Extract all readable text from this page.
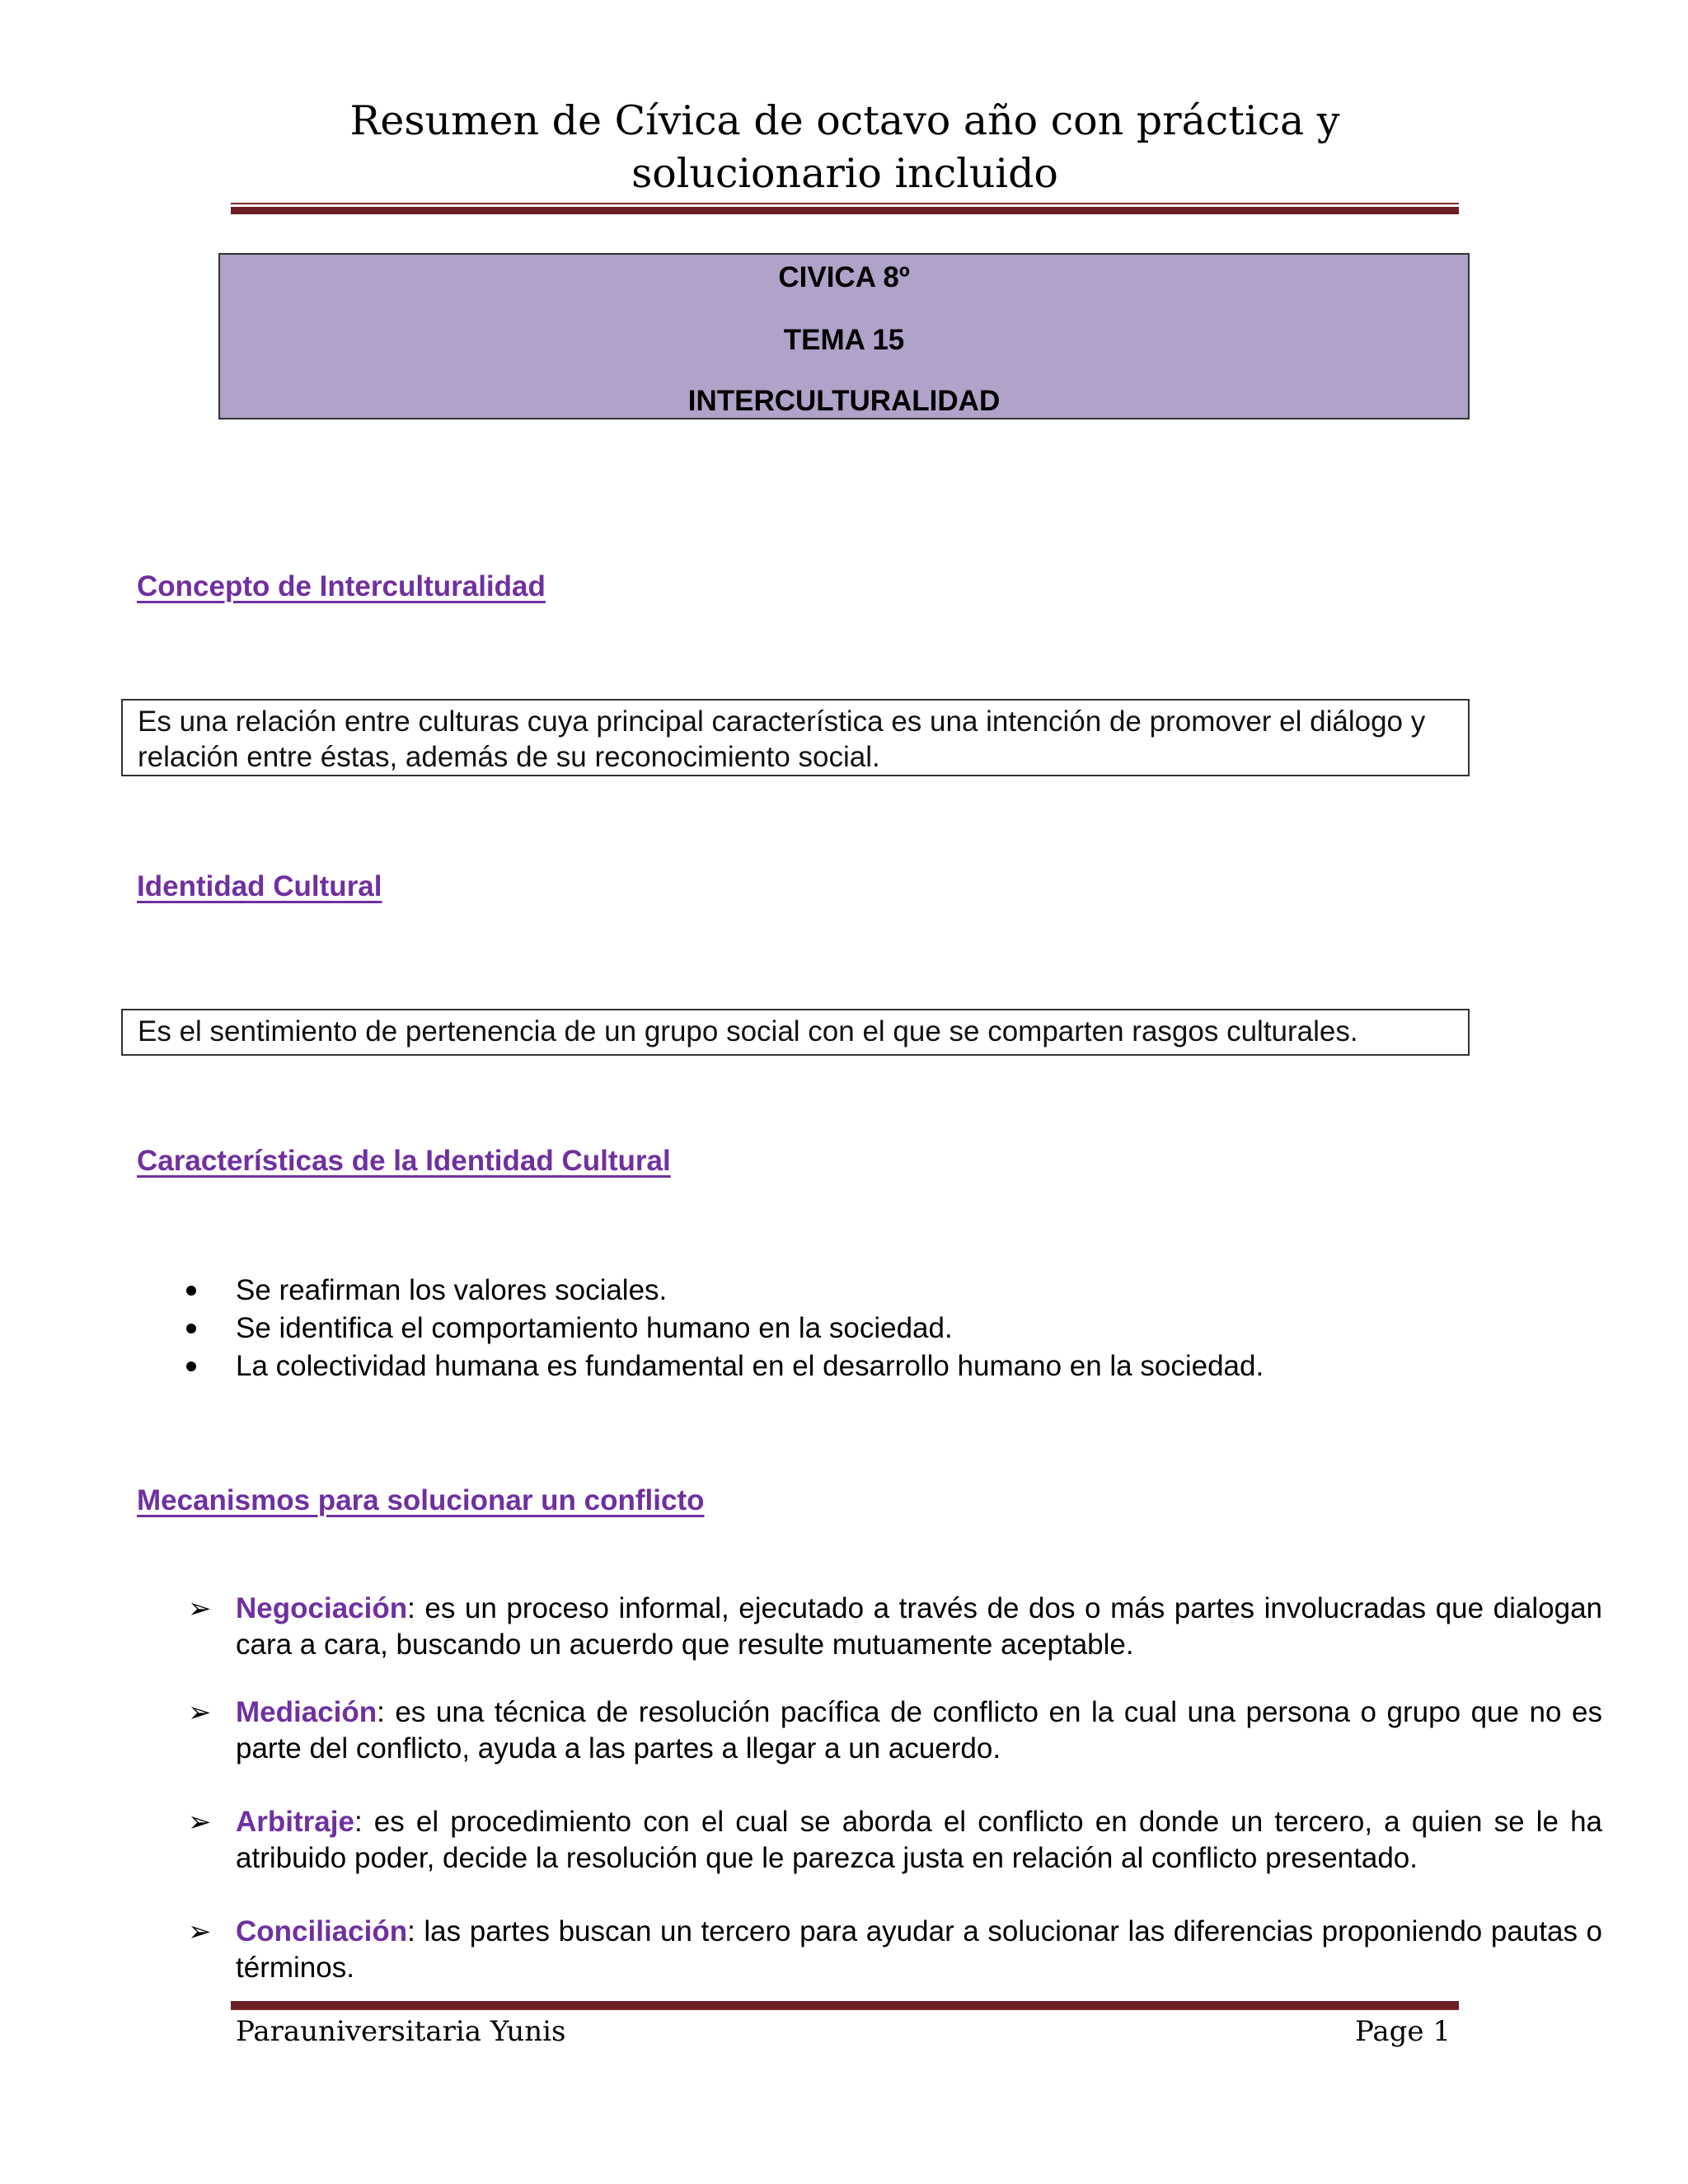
Resumen de Cívica de octavo año con práctica y solucionario incluido
CIVICA 8º
TEMA 15
INTERCULTURALIDAD
Concepto de Interculturalidad
Es una relación entre culturas cuya principal característica es una intención de promover el diálogo y relación entre éstas, además de su reconocimiento social.
Identidad Cultural
Es el sentimiento de pertenencia de un grupo social con el que se comparten rasgos culturales.
Características de la Identidad Cultural
Se reafirman los valores sociales.
Se identifica el comportamiento humano en la sociedad.
La colectividad humana es fundamental en el desarrollo humano en la sociedad.
Mecanismos para solucionar un conflicto
➢ Negociación: es un proceso informal, ejecutado a través de dos o más partes involucradas que dialogan cara a cara, buscando un acuerdo que resulte mutuamente aceptable.
➢ Mediación: es una técnica de resolución pacífica de conflicto en la cual una persona o grupo que no es parte del conflicto, ayuda a las partes a llegar a un acuerdo.
➢ Arbitraje: es el procedimiento con el cual se aborda el conflicto en donde un tercero, a quien se le ha atribuido poder, decide la resolución que le parezca justa en relación al conflicto presentado.
➢ Conciliación: las partes buscan un tercero para ayudar a solucionar las diferencias proponiendo pautas o términos.
Parauniversitaria Yunis	Page 1
